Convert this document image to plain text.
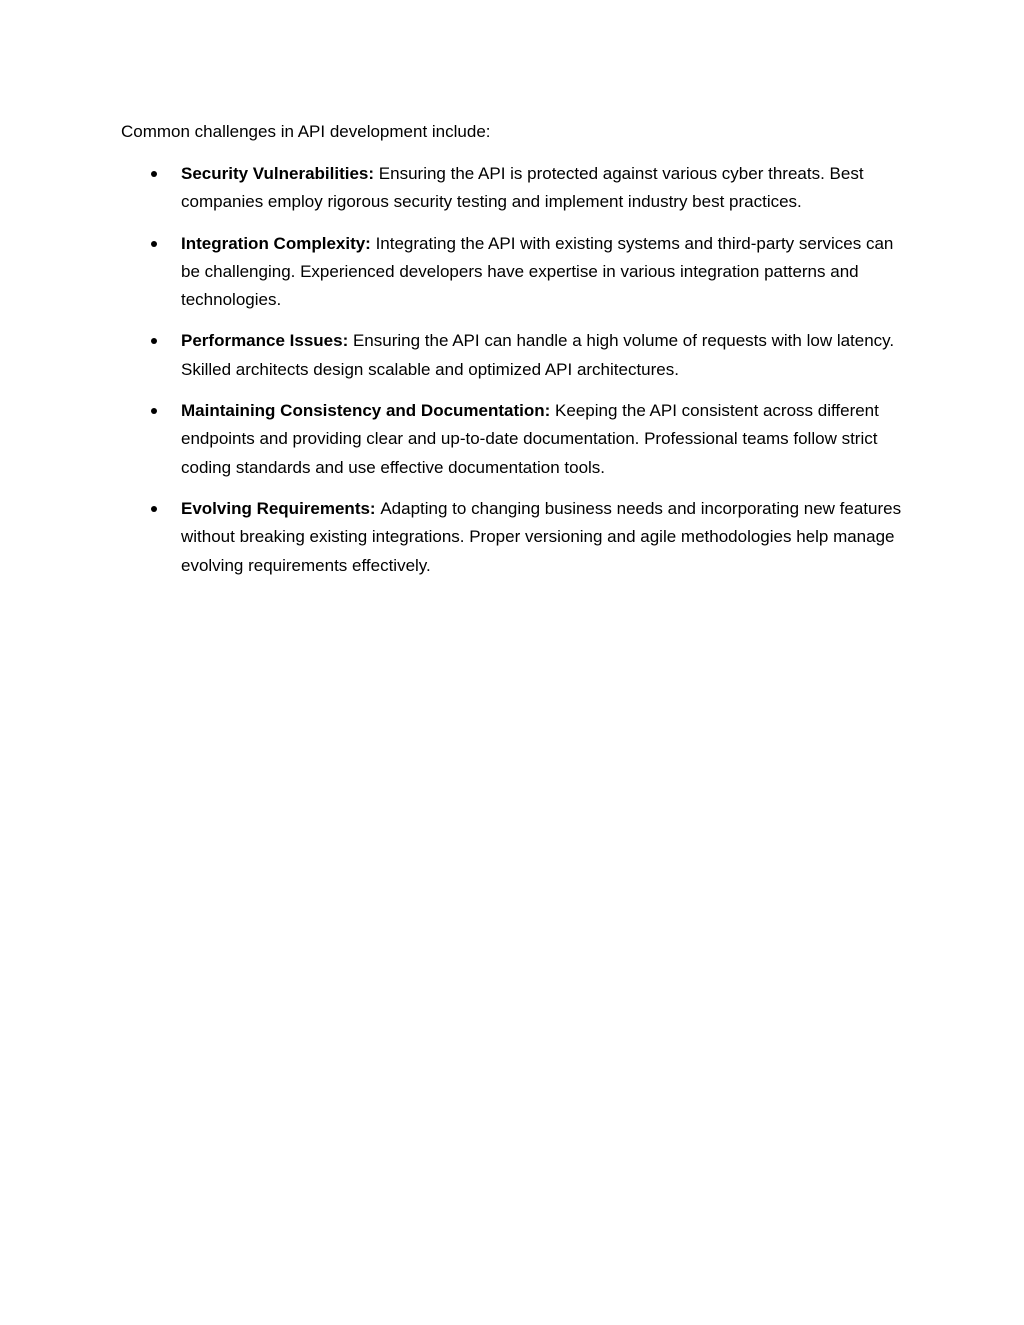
Common challenges in API development include:

Security Vulnerabilities: Ensuring the API is protected against various cyber threats. Best companies employ rigorous security testing and implement industry best practices.
Integration Complexity: Integrating the API with existing systems and third-party services can be challenging. Experienced developers have expertise in various integration patterns and technologies.
Performance Issues: Ensuring the API can handle a high volume of requests with low latency. Skilled architects design scalable and optimized API architectures.
Maintaining Consistency and Documentation: Keeping the API consistent across different endpoints and providing clear and up-to-date documentation. Professional teams follow strict coding standards and use effective documentation tools.
Evolving Requirements: Adapting to changing business needs and incorporating new features without breaking existing integrations. Proper versioning and agile methodologies help manage evolving requirements effectively.
